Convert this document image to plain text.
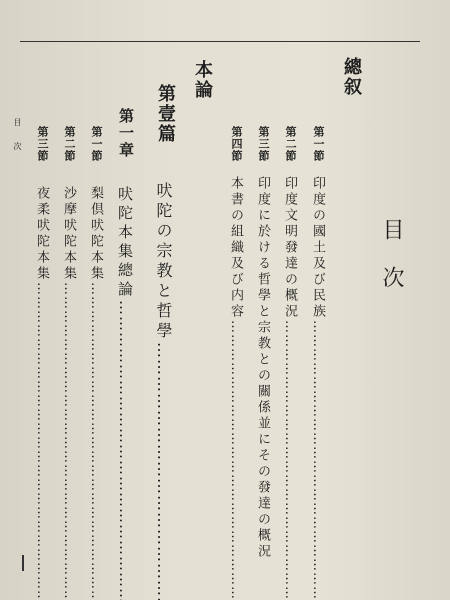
目次
總叙
第一節
印度の國土及び民族 ……………………………………………………………………
第二節
印度文明發達の概況 ……………………………………………………………………
第三節
印度に於ける哲學と宗教との關係並にその發達の概況
第四節
本書の組織及び内容 ……………………………………………………………………
本論
第壹篇
吠陀の宗教と哲學 ……………………………………………………………………
第一章
吠陀本集總論 ……………………………………………………………………
第一節
梨倶吠陀本集 ……………………………………………………………………
第二節
沙摩吠陀本集 ……………………………………………………………………
第三節
夜柔吠陀本集 ……………………………………………………………………
目次
